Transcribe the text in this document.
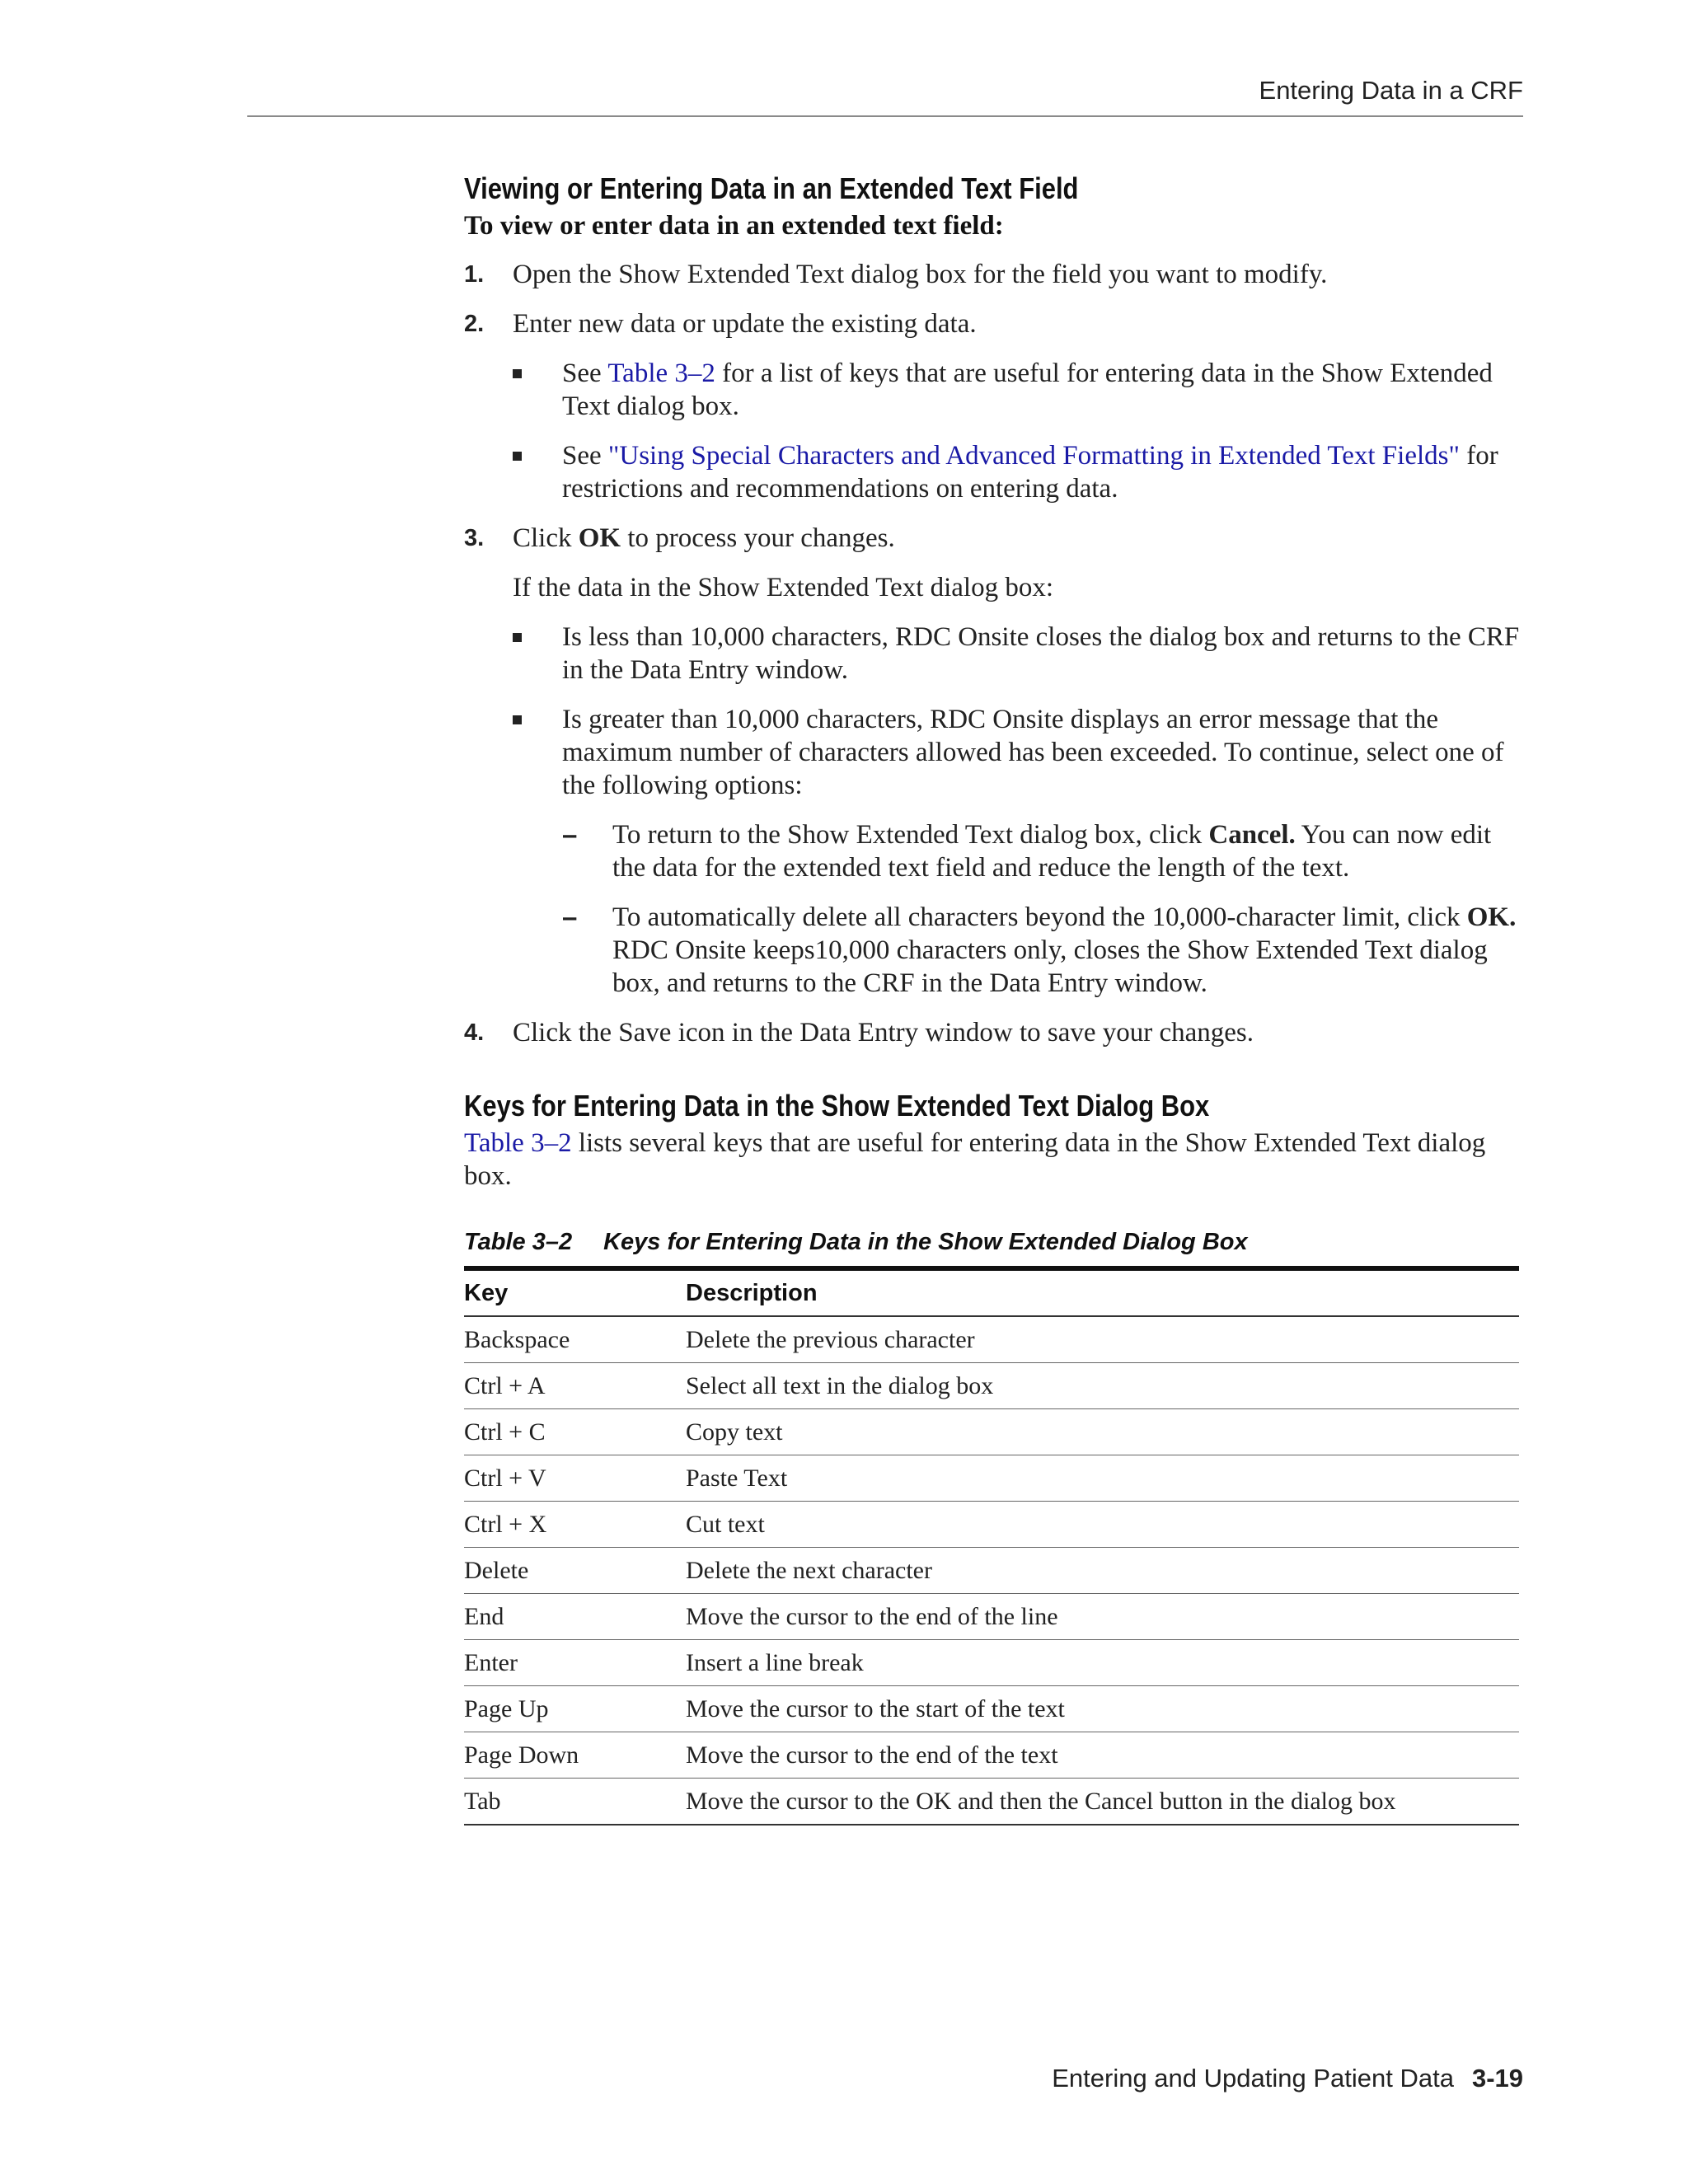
Entering Data in a CRF
Viewing or Entering Data in an Extended Text Field
To view or enter data in an extended text field:
1. Open the Show Extended Text dialog box for the field you want to modify.
2. Enter new data or update the existing data.
See Table 3–2 for a list of keys that are useful for entering data in the Show Extended Text dialog box.
See "Using Special Characters and Advanced Formatting in Extended Text Fields" for restrictions and recommendations on entering data.
3. Click OK to process your changes.
If the data in the Show Extended Text dialog box:
Is less than 10,000 characters, RDC Onsite closes the dialog box and returns to the CRF in the Data Entry window.
Is greater than 10,000 characters, RDC Onsite displays an error message that the maximum number of characters allowed has been exceeded. To continue, select one of the following options:
– To return to the Show Extended Text dialog box, click Cancel. You can now edit the data for the extended text field and reduce the length of the text.
– To automatically delete all characters beyond the 10,000-character limit, click OK. RDC Onsite keeps10,000 characters only, closes the Show Extended Text dialog box, and returns to the CRF in the Data Entry window.
4. Click the Save icon in the Data Entry window to save your changes.
Keys for Entering Data in the Show Extended Text Dialog Box
Table 3–2 lists several keys that are useful for entering data in the Show Extended Text dialog box.
Table 3–2 Keys for Entering Data in the Show Extended Dialog Box
Key	Description
Backspace	Delete the previous character
Ctrl + A	Select all text in the dialog box
Ctrl + C	Copy text
Ctrl + V	Paste Text
Ctrl + X	Cut text
Delete	Delete the next character
End	Move the cursor to the end of the line
Enter	Insert a line break
Page Up	Move the cursor to the start of the text
Page Down	Move the cursor to the end of the text
Tab	Move the cursor to the OK and then the Cancel button in the dialog box
Entering and Updating Patient Data 3-19
